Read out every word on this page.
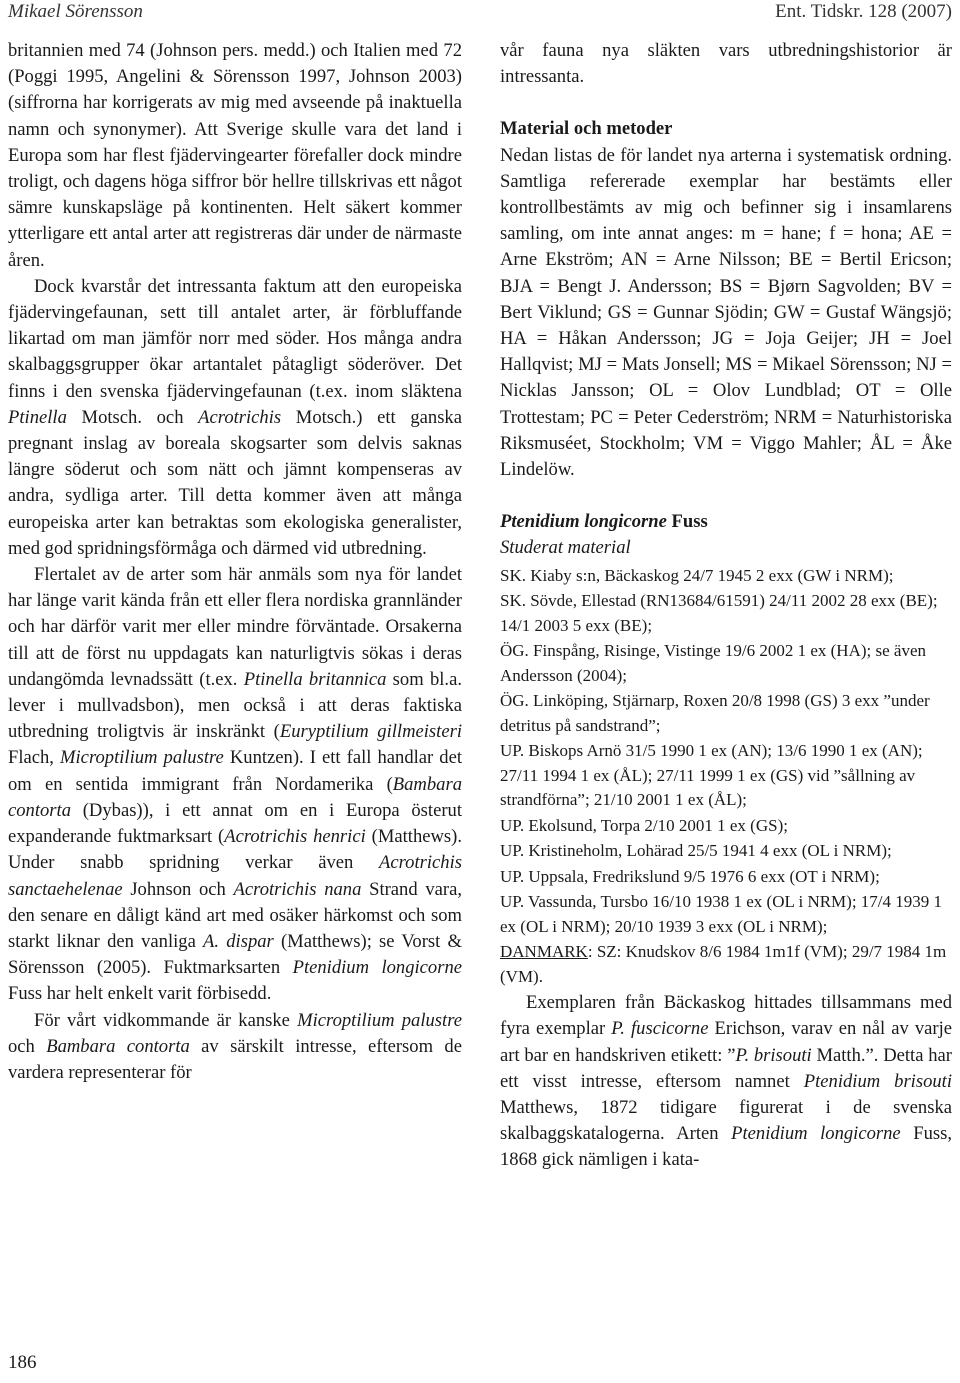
Mikael Sörensson	Ent. Tidskr. 128 (2007)

britannien med 74 (Johnson pers. medd.) och Italien med 72 (Poggi 1995, Angelini & Sörensson 1997, Johnson 2003) (siffrorna har korrigerats av mig med avseende på inaktuella namn och synonymer). Att Sverige skulle vara det land i Europa som har flest fjädervingearter förefaller dock mindre troligt, och dagens höga siffror bör hellre tillskrivas ett något sämre kunskapsläge på kontinenten. Helt säkert kommer ytterligare ett antal arter att registreras där under de närmaste åren.

Dock kvarstår det intressanta faktum att den europeiska fjädervingefaunan, sett till antalet arter, är förbluffande likartad om man jämför norr med söder. Hos många andra skalbaggsgrupper ökar artantalet påtagligt söderöver. Det finns i den svenska fjädervingefaunan (t.ex. inom släktena Ptinella Motsch. och Acrotrichis Motsch.) ett ganska pregnant inslag av boreala skogsarter som delvis saknas längre söderut och som nätt och jämnt kompenseras av andra, sydliga arter. Till detta kommer även att många europeiska arter kan betraktas som ekologiska generalister, med god spridningsförmåga och därmed vid utbredning.

Flertalet av de arter som här anmäls som nya för landet har länge varit kända från ett eller flera nordiska grannländer och har därför varit mer eller mindre förväntade. Orsakerna till att de först nu uppdagats kan naturligtvis sökas i deras undangömda levnadssätt (t.ex. Ptinella britannica som bl.a. lever i mullvadsbon), men också i att deras faktiska utbredning troligtvis är inskränkt (Euryptilium gillmeisteri Flach, Microptilium palustre Kuntzen). I ett fall handlar det om en sentida immigrant från Nordamerika (Bambara contorta (Dybas)), i ett annat om en i Europa österut expanderande fuktmarksart (Acrotrichis henrici (Matthews). Under snabb spridning verkar även Acrotrichis sanctaehelenae Johnson och Acrotrichis nana Strand vara, den senare en dåligt känd art med osäker härkomst och som starkt liknar den vanliga A. dispar (Matthews); se Vorst & Sörensson (2005). Fuktmarksarten Ptenidium longicorne Fuss har helt enkelt varit förbisedd.

För vårt vidkommande är kanske Microptilium palustre och Bambara contorta av särskilt intresse, eftersom de vardera representerar för

vår fauna nya släkten vars utbredningshistorior är intressanta.

Material och metoder

Nedan listas de för landet nya arterna i systematisk ordning. Samtliga refererade exemplar har bestämts eller kontrollbestämts av mig och befinner sig i insamlarens samling, om inte annat anges: m = hane; f = hona; AE = Arne Ekström; AN = Arne Nilsson; BE = Bertil Ericson; BJA = Bengt J. Andersson; BS = Bjørn Sagvolden; BV = Bert Viklund; GS = Gunnar Sjödin; GW = Gustaf Wängsjö; HA = Håkan Andersson; JG = Joja Geijer; JH = Joel Hallqvist; MJ = Mats Jonsell; MS = Mikael Sörensson; NJ = Nicklas Jansson; OL = Olov Lundblad; OT = Olle Trottestam; PC = Peter Cederström; NRM = Naturhistoriska Riksmuséet, Stockholm; VM = Viggo Mahler; ÅL = Åke Lindelöw.

Ptenidium longicorne Fuss

Studerat material

SK. Kiaby s:n, Bäckaskog 24/7 1945 2 exx (GW i NRM);

SK. Sövde, Ellestad (RN13684/61591) 24/11 2002 28 exx (BE); 14/1 2003 5 exx (BE);

ÖG. Finspång, Risinge, Vistinge 19/6 2002 1 ex (HA); se även Andersson (2004);

ÖG. Linköping, Stjärnarp, Roxen 20/8 1998 (GS) 3 exx ”under detritus på sandstrand”;

UP. Biskops Arnö 31/5 1990 1 ex (AN); 13/6 1990 1 ex (AN); 27/11 1994 1 ex (ÅL); 27/11 1999 1 ex (GS) vid ”sållning av strandförna”; 21/10 2001 1 ex (ÅL);

UP. Ekolsund, Torpa 2/10 2001 1 ex (GS);

UP. Kristineholm, Lohärad 25/5 1941 4 exx (OL i NRM);

UP. Uppsala, Fredrikslund 9/5 1976 6 exx (OT i NRM);

UP. Vassunda, Tursbo 16/10 1938 1 ex (OL i NRM); 17/4 1939 1 ex (OL i NRM); 20/10 1939 3 exx (OL i NRM);

DANMARK: SZ: Knudskov 8/6 1984 1m1f (VM); 29/7 1984 1m (VM).

Exemplaren från Bäckaskog hittades tillsammans med fyra exemplar P. fuscicorne Erichson, varav en nål av varje art bar en handskriven etikett: ”P. brisouti Matth.”. Detta har ett visst intresse, eftersom namnet Ptenidium brisouti Matthews, 1872 tidigare figurerat i de svenska skalbaggskatalogerna. Arten Ptenidium longicorne Fuss, 1868 gick nämligen i kata-

186
